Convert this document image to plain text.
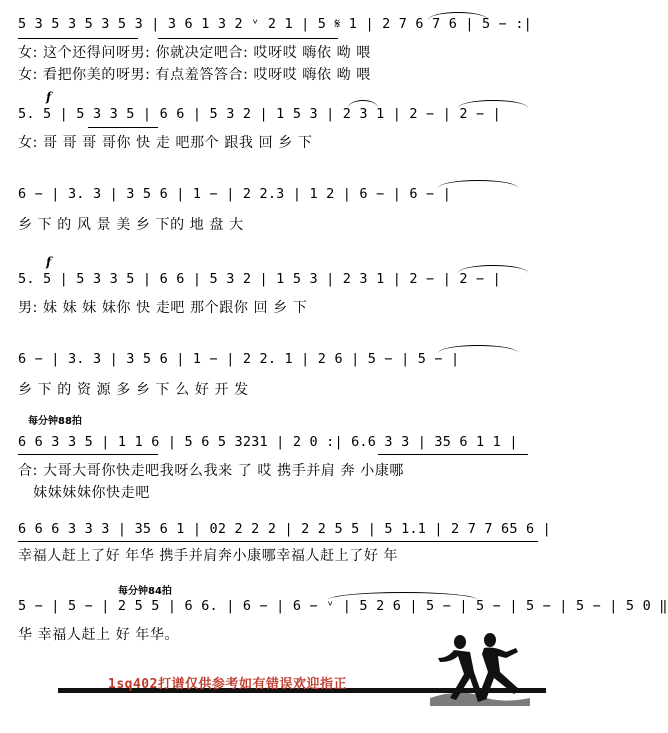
5 3 5 3 5 3 5 3 | 3 6 1 3 2 ᵛ 2 1 | 5 𝄋 1 | 2 7 6 7 6 | 5 − :|
女: 这个还得问呀男: 你就决定吧合: 哎呀哎 嗨依 呦 喂
女: 看把你美的呀男: 有点羞答答合: 哎呀哎 嗨依 呦 喂
f
5. 5 | 5 3 3 5 | 6 6 | 5 3 2 | 1 5 3 | 2 3 1 | 2 − | 2 − |
女: 哥 哥 哥 哥你 快 走 吧那个 跟我 回 乡 下
6 − | 3. 3 | 3 5 6 | 1 − | 2 2.3 | 1 2 | 6 − | 6 − |
乡 下 的 风 景 美 乡 下的 地 盘 大
f
5. 5 | 5 3 3 5 | 6 6 | 5 3 2 | 1 5 3 | 2 3 1 | 2 − | 2 − |
男: 妹 妹 妹 妹你 快 走吧 那个跟你 回 乡 下
6 − | 3. 3 | 3 5 6 | 1 − | 2 2. 1 | 2 6 | 5 − | 5 − |
乡 下 的 资 源 多 乡 下 么 好 开 发
每分钟88拍
6 6 3 3 5 | 1 1 6 | 5 6 5 3231 | 2 0 :| 6.6 3 3 | 35 6 1 1 |
合: 大哥大哥你快走吧我呀么我来 了 哎 携手并肩 奔 小康哪
妹妹妹妹你快走吧
6 6 6 3 3 3 | 35 6 1 | 02 2 2 2 | 2 2 5 5 | 5 1.1 | 2 7 7 65 6 |
幸福人赶上了好 年华 携手并肩奔小康哪幸福人赶上了好 年
每分钟84拍
5 − | 5 − | 2 5 5 | 6 6. | 6 − | 6 − ᵛ | 5 2 6 | 5 − | 5 − | 5 − | 5 − | 5 0 ‖
华 幸福人赶上 好 年华。
1sq402打谱仅供参考如有错误欢迎指正
